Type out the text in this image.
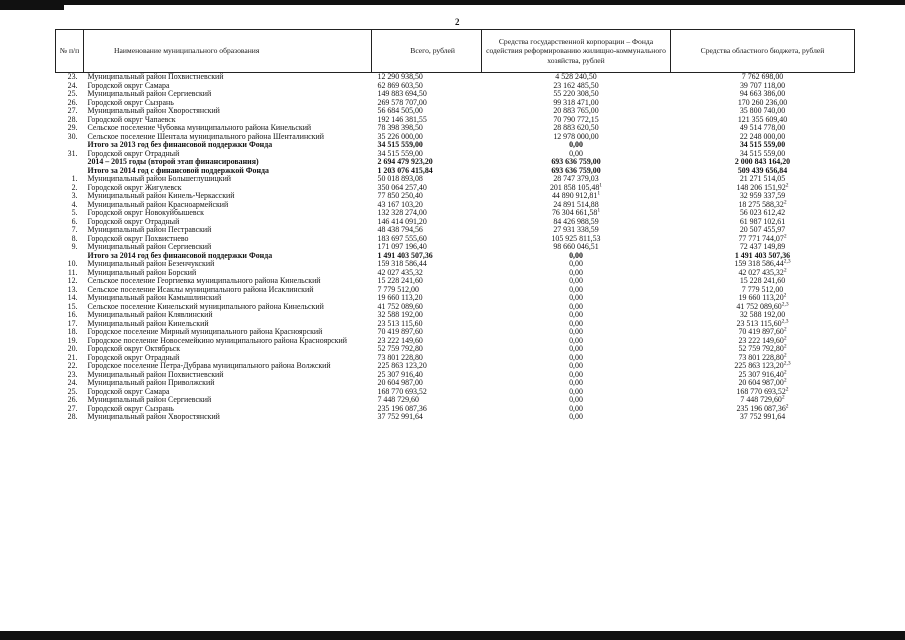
2
№ п/п	Наименование муниципального образования	Всего, рублей	Средства государственной корпорации – Фонда содействия реформированию жилищно-коммунального хозяйства, рублей	Средства областного бюджета, рублей
23.	Муниципальный район Похвистневский	12 290 938,50	4 528 240,50	7 762 698,00
24.	Городской округ Самара	62 869 603,50	23 162 485,50	39 707 118,00
25.	Муниципальный район Сергиевский	149 883 694,50	55 220 308,50	94 663 386,00
26.	Городской округ Сызрань	269 578 707,00	99 318 471,00	170 260 236,00
27.	Муниципальный район Хворостянский	56 684 505,00	20 883 765,00	35 800 740,00
28.	Городской округ Чапаевск	192 146 381,55	70 790 772,15	121 355 609,40
29.	Сельское поселение Чубовка муниципального района Кинельский	78 398 398,50	28 883 620,50	49 514 778,00
30.	Сельское поселение Шентала муниципального района Шенталинский	35 226 000,00	12 978 000,00	22 248 000,00
	Итого за 2013 год без финансовой поддержки Фонда	34 515 559,00	0,00	34 515 559,00
31.	Городской округ Отрадный	34 515 559,00	0,00	34 515 559,00
	2014 – 2015 годы (второй этап финансирования)	2 694 479 923,20	693 636 759,00	2 000 843 164,20
	Итого за 2014 год с финансовой поддержкой Фонда	1 203 076 415,84	693 636 759,00	509 439 656,84
1.	Муниципальный район Большеглушицкий	50 018 893,08	28 747 379,03	21 271 514,05
2.	Городской округ Жигулевск	350 064 257,40	201 858 105,48$^1$	148 206 151,92$^2$
3.	Муниципальный район Кинель-Черкасский	77 850 250,40	44 890 912,81$^1$	32 959 337,59
4.	Муниципальный район Красноармейский	43 167 103,20	24 891 514,88	18 275 588,32$^2$
5.	Городской округ Новокуйбышевск	132 328 274,00	76 304 661,58$^1$	56 023 612,42
6.	Городской округ Отрадный	146 414 091,20	84 426 988,59	61 987 102,61
7.	Муниципальный район Пестравский	48 438 794,56	27 931 338,59	20 507 455,97
8.	Городской округ Похвистнево	183 697 555,60	105 925 811,53	77 771 744,07$^2$
9.	Муниципальный район Сергиевский	171 097 196,40	98 660 046,51	72 437 149,89
	Итого за 2014 год без финансовой поддержки Фонда	1 491 403 507,36	0,00	1 491 403 507,36
10.	Муниципальный район Безенчукский	159 318 586,44	0,00	159 318 586,44$^{2,3}$
11.	Муниципальный район Борский	42 027 435,32	0,00	42 027 435,32$^2$
12.	Сельское поселение Георгиевка муниципального района Кинельский	15 228 241,60	0,00	15 228 241,60
13.	Сельское поселение Исаклы муниципального района Исаклинский	7 779 512,00	0,00	7 779 512,00
14.	Муниципальный район Камышлинский	19 660 113,20	0,00	19 660 113,20$^2$
15.	Сельское поселение Кинельский муниципального района Кинельский	41 752 089,60	0,00	41 752 089,60$^{2,3}$
16.	Муниципальный район Клявлинский	32 588 192,00	0,00	32 588 192,00
17.	Муниципальный район Кинельский	23 513 115,60	0,00	23 513 115,60$^{2,3}$
18.	Городское поселение Мирный муниципального района Красноярский	70 419 897,60	0,00	70 419 897,60$^2$
19.	Городское поселение Новосемейкино муниципального района Красноярский	23 222 149,60	0,00	23 222 149,60$^2$
20.	Городской округ Октябрьск	52 759 792,80	0,00	52 759 792,80$^2$
21.	Городской округ Отрадный	73 801 228,80	0,00	73 801 228,80$^2$
22.	Городское поселение Петра-Дубрава муниципального района Волжский	225 863 123,20	0,00	225 863 123,20$^{2,3}$
23.	Муниципальный район Похвистневский	25 307 916,40	0,00	25 307 916,40$^2$
24.	Муниципальный район Приволжский	20 604 987,00	0,00	20 604 987,00$^2$
25.	Городской округ Самара	168 770 693,52	0,00	168 770 693,52$^2$
26.	Муниципальный район Сергиевский	7 448 729,60	0,00	7 448 729,60$^2$
27.	Городской округ Сызрань	235 196 087,36	0,00	235 196 087,36$^2$
28.	Муниципальный район Хворостянский	37 752 991,64	0,00	37 752 991,64
